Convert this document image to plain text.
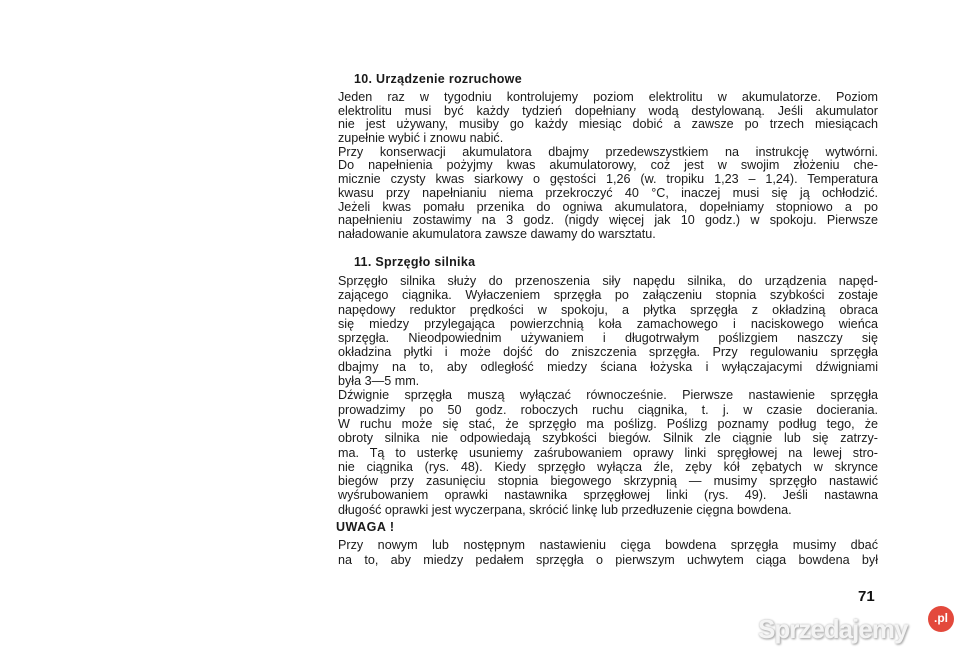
10. Urządzenie rozruchowe
Jeden raz w tygodniu kontrolujemy poziom elektrolitu w akumulatorze. Poziom
elektrolitu musi być każdy tydzień dopełniany wodą destylowaną. Jeśli akumulator
nie jest używany, musiby go każdy miesiąc dobić a zawsze po trzech miesiącach
zupełnie wybić i znowu nabić.
Przy konserwacji akumulatora dbajmy przedewszystkiem na instrukcję wytwórni.
Do napełnienia pożyjmy kwas akumulatorowy, coż jest w swojim złożeniu che-
micznie czysty kwas siarkowy o gęstości 1,26 (w. tropiku 1,23 – 1,24). Temperatura
kwasu przy napełnianiu niema przekroczyć 40 °C, inaczej musi się ją ochłodzić.
Jeżeli kwas pomału przenika do ogniwa akumulatora, dopełniamy stopniowo a po
napełnieniu zostawimy na 3 godz. (nigdy więcej jak 10 godz.) w spokoju. Pierwsze
naładowanie akumulatora zawsze dawamy do warsztatu.
11. Sprzęgło silnika
Sprzęgło silnika służy do przenoszenia siły napędu silnika, do urządzenia napęd-
zającego ciągnika. Wyłaczeniem sprzęgła po załączeniu stopnia szybkości zostaje
napędowy reduktor prędkości w spokoju, a płytka sprzęgła z okładziną obraca
się miedzy przylegająca powierzchnią koła zamachowego i naciskowego wieńca
sprzęgła. Nieodpowiednim używaniem i długotrwałym poślizgiem naszczy się
okładzina płytki i może dojść do zniszczenia sprzęgła. Przy regulowaniu sprzęgła
dbajmy na to, aby odległość miedzy ściana łożyska i wyłączajacymi dźwigniami
była 3—5 mm.
Dźwignie sprzęgła muszą wyłączać równocześnie. Pierwsze nastawienie sprzęgła
prowadzimy po 50 godz. roboczych ruchu ciągnika, t. j. w czasie docierania.
W ruchu może się stać, że sprzęgło ma poślizg. Poślizg poznamy podług tego, że
obroty silnika nie odpowiedają szybkości biegów. Silnik zle ciągnie lub się zatrzy-
ma. Tą to usterkę usuniemy zaśrubowaniem oprawy linki spręgłowej na lewej stro-
nie ciągnika (rys. 48). Kiedy sprzęgło wyłącza źle, zęby kół zębatych w skrynce
biegów przy zasunięciu stopnia biegowego skrzypnią — musimy sprzęgło nastawić
wyśrubowaniem oprawki nastawnika sprzęgłowej linki (rys. 49). Jeśli nastawna
długość oprawki jest wyczerpana, skrócić linkę lub przedłuzenie cięgna bowdena.
UWAGA !
Przy nowym lub nostępnym nastawieniu cięga bowdena sprzęgła musimy dbać
na to, aby miedzy pedałem sprzęgła o pierwszym uchwytem ciąga bowdena był
71
Sprzedajemy	.pl
